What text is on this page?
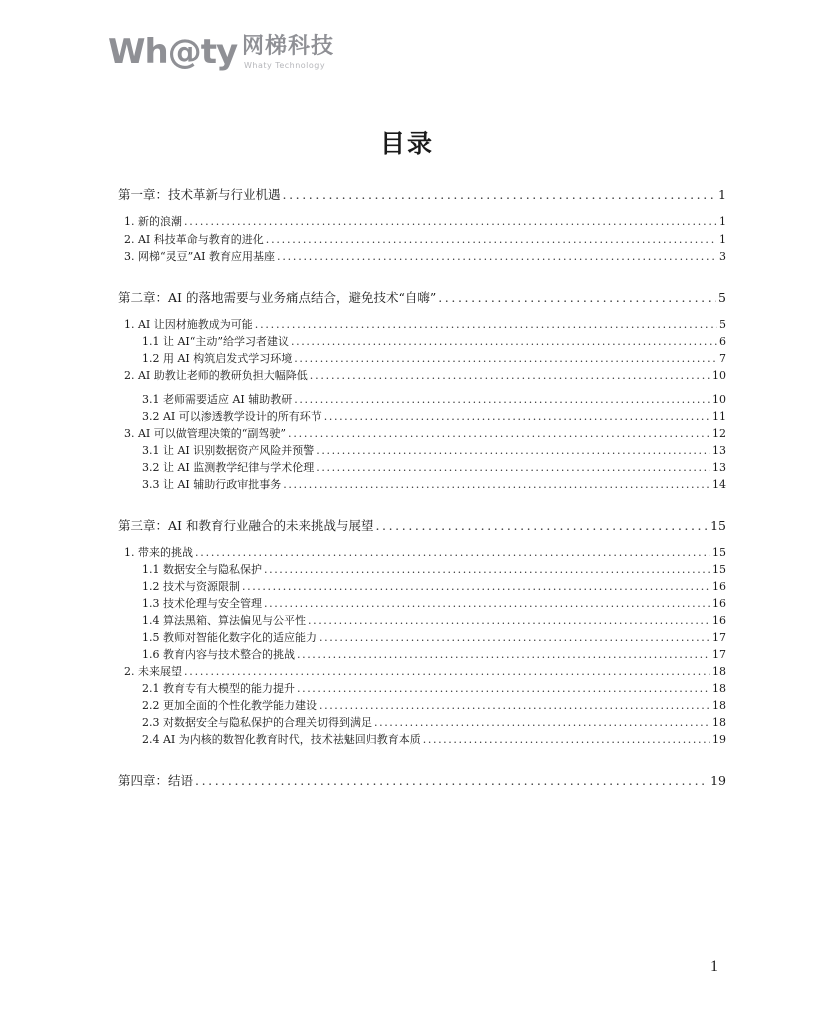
Wh@ty 网梯科技
Whaty Technology
目录
第一章：技术革新与行业机遇 .....	1
1. 新的浪潮 .....	1
2. AI 科技革命与教育的进化 .....	1
3. 网梯“灵豆”AI 教育应用基座 .....	3
第二章：AI 的落地需要与业务痛点结合，避免技术“自嗨” .....	5
1. AI 让因材施教成为可能 .....	5
1.1 让 AI“主动”给学习者建议 .....	6
1.2 用 AI 构筑启发式学习环境 .....	7
2. AI 助教让老师的教研负担大幅降低 .....	10
3.1 老师需要适应 AI 辅助教研 .....	10
3.2 AI 可以渗透教学设计的所有环节 .....	11
3. AI 可以做管理决策的“副驾驶” .....	12
3.1 让 AI 识别数据资产风险并预警 .....	13
3.2 让 AI 监测教学纪律与学术伦理 .....	13
3.3 让 AI 辅助行政审批事务 .....	14
第三章：AI 和教育行业融合的未来挑战与展望 .....	15
1. 带来的挑战 .....	15
1.1 数据安全与隐私保护 .....	15
1.2 技术与资源限制 .....	16
1.3 技术伦理与安全管理 .....	16
1.4 算法黑箱、算法偏见与公平性 .....	16
1.5 教师对智能化数字化的适应能力 .....	17
1.6 教育内容与技术整合的挑战 .....	17
2. 未来展望 .....	18
2.1 教育专有大模型的能力提升 .....	18
2.2 更加全面的个性化教学能力建设 .....	18
2.3 对数据安全与隐私保护的合理关切得到满足 .....	18
2.4 AI 为内核的数智化教育时代，技术祛魅回归教育本质 .....	19
第四章：结语 .....	19
1
